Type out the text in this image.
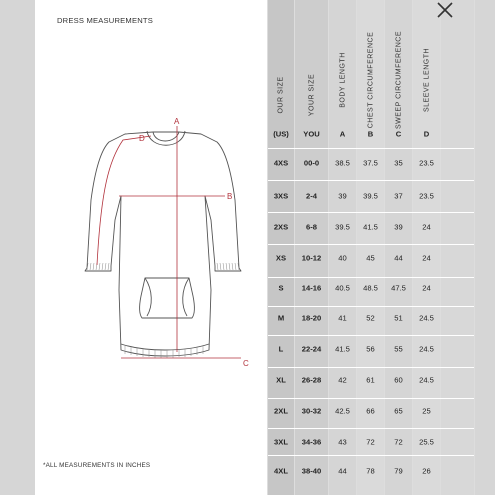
DRESS MEASUREMENTS
A
B
C
D
*ALL MEASUREMENTS IN INCHES
OUR SIZE	YOUR SIZE	BODY LENGTH	CHEST CIRCUMFERENCE	SWEEP CIRCUMFERENCE	SLEEVE LENGTH
(US) YOU	A	B	C	D
4XS 00-0 38.5 37.5 35 23.5
3XS 2-4	39 39.5 37 23.5
2XS 6-8 39.5 41.5 39	24
XS 10-12 40	45	44	24
S 14-16 40.5 48.5 47.5 24
M 18-20 41	52	51 24.5
L 22-24 41.5 56	55 24.5
XL 26-28 42	61	60 24.5
2XL 30-32 42.5 66	65	25
3XL 34-36 43	72	72 25.5
4XL 38-40 44	78	79	26
